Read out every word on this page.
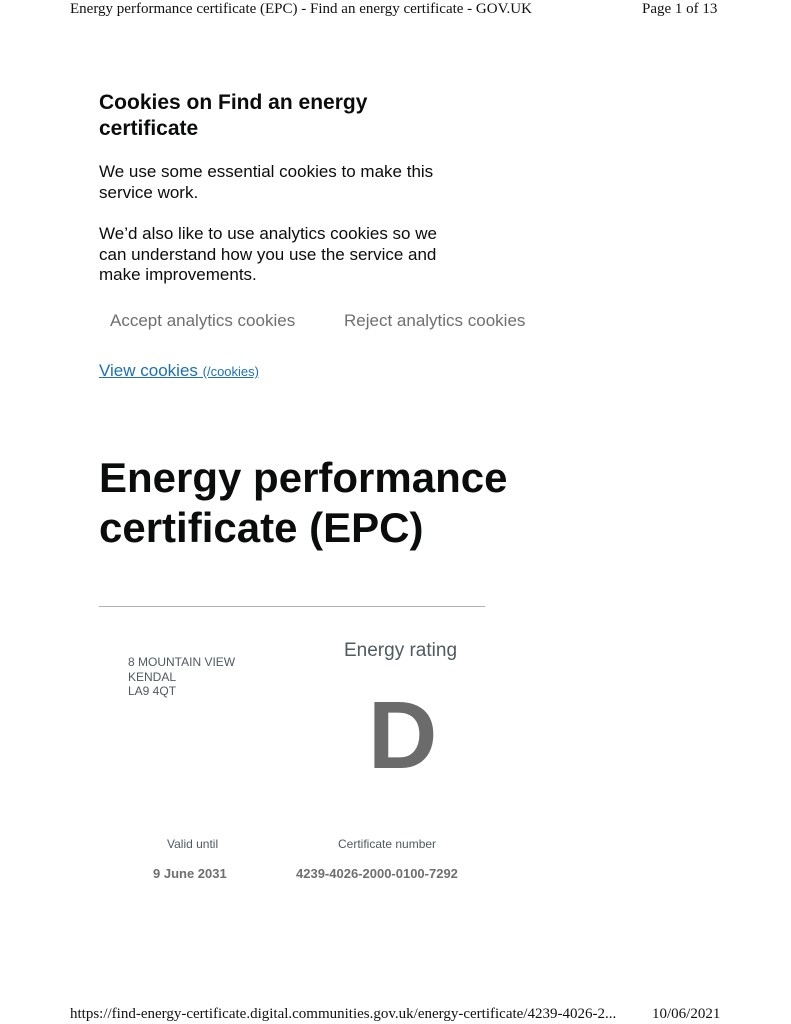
Energy performance certificate (EPC) - Find an energy certificate - GOV.UK	Page 1 of 13
Cookies on Find an energy certificate

We use some essential cookies to make this service work.

We’d also like to use analytics cookies so we can understand how you use the service and make improvements.

Accept analytics cookies	Reject analytics cookies
View cookies (/cookies)
Energy performance certificate (EPC)
8 MOUNTAIN VIEW
KENDAL
LA9 4QT
Energy rating
D
Valid until	Certificate number
9 June 2031	4239-4026-2000-0100-7292
https://find-energy-certificate.digital.communities.gov.uk/energy-certificate/4239-4026-2... 10/06/2021
